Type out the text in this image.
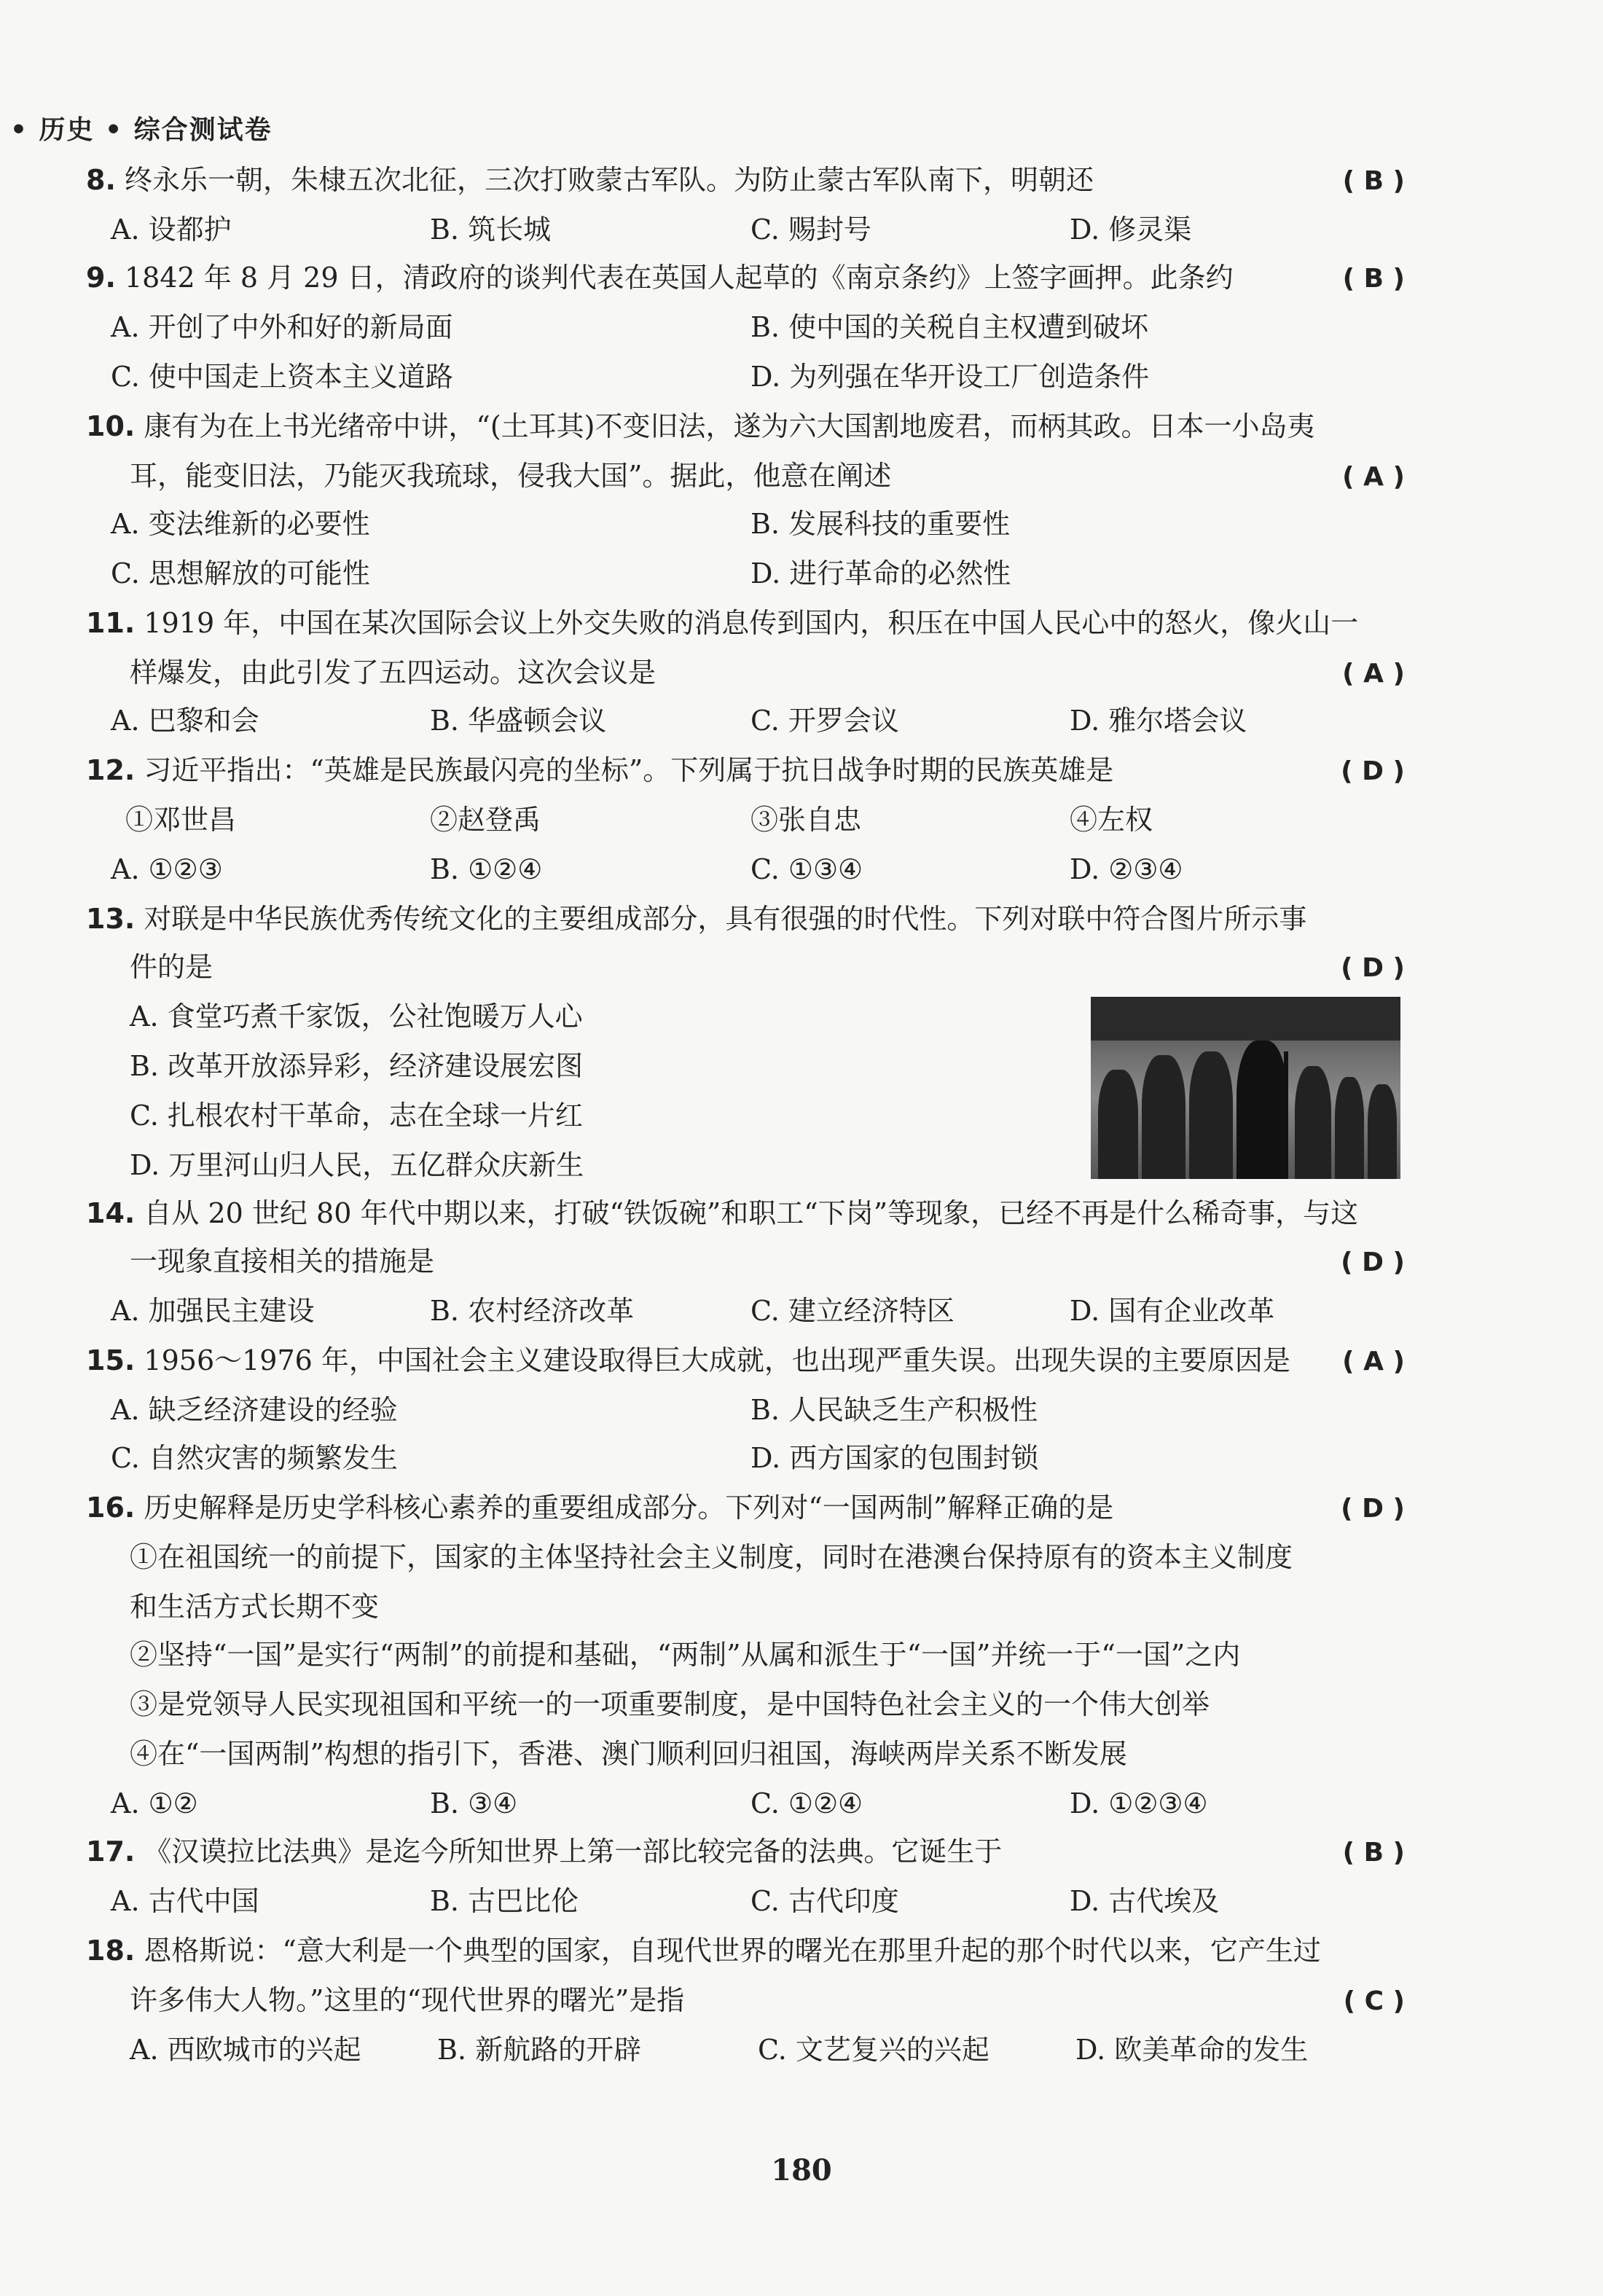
• 历史 • 综合测试卷
8. 终永乐一朝，朱棣五次北征，三次打败蒙古军队。为防止蒙古军队南下，明朝还	( B )
A. 设都护	B. 筑长城	C. 赐封号	D. 修灵渠
9. 1842 年 8 月 29 日，清政府的谈判代表在英国人起草的《南京条约》上签字画押。此条约	( B )
A. 开创了中外和好的新局面	B. 使中国的关税自主权遭到破坏
C. 使中国走上资本主义道路	D. 为列强在华开设工厂创造条件
10. 康有为在上书光绪帝中讲，“(土耳其)不变旧法，遂为六大国割地废君，而柄其政。日本一小岛夷
耳，能变旧法，乃能灭我琉球，侵我大国”。据此，他意在阐述	( A )
A. 变法维新的必要性	B. 发展科技的重要性
C. 思想解放的可能性	D. 进行革命的必然性
11. 1919 年，中国在某次国际会议上外交失败的消息传到国内，积压在中国人民心中的怒火，像火山一
样爆发，由此引发了五四运动。这次会议是	( A )
A. 巴黎和会	B. 华盛顿会议	C. 开罗会议	D. 雅尔塔会议
12. 习近平指出：“英雄是民族最闪亮的坐标”。下列属于抗日战争时期的民族英雄是	( D )
①邓世昌	②赵登禹	③张自忠	④左权
A. ①②③	B. ①②④	C. ①③④	D. ②③④
13. 对联是中华民族优秀传统文化的主要组成部分，具有很强的时代性。下列对联中符合图片所示事
件的是	( D )
A. 食堂巧煮千家饭，公社饱暖万人心
B. 改革开放添异彩，经济建设展宏图
C. 扎根农村干革命，志在全球一片红
D. 万里河山归人民，五亿群众庆新生
14. 自从 20 世纪 80 年代中期以来，打破“铁饭碗”和职工“下岗”等现象，已经不再是什么稀奇事，与这
一现象直接相关的措施是	( D )
A. 加强民主建设	B. 农村经济改革	C. 建立经济特区	D. 国有企业改革
15. 1956～1976 年，中国社会主义建设取得巨大成就，也出现严重失误。出现失误的主要原因是 ( A )
A. 缺乏经济建设的经验	B. 人民缺乏生产积极性
C. 自然灾害的频繁发生	D. 西方国家的包围封锁
16. 历史解释是历史学科核心素养的重要组成部分。下列对“一国两制”解释正确的是	( D )
①在祖国统一的前提下，国家的主体坚持社会主义制度，同时在港澳台保持原有的资本主义制度
和生活方式长期不变
②坚持“一国”是实行“两制”的前提和基础，“两制”从属和派生于“一国”并统一于“一国”之内
③是党领导人民实现祖国和平统一的一项重要制度，是中国特色社会主义的一个伟大创举
④在“一国两制”构想的指引下，香港、澳门顺利回归祖国，海峡两岸关系不断发展
A. ①②	B. ③④	C. ①②④	D. ①②③④
17. 《汉谟拉比法典》是迄今所知世界上第一部比较完备的法典。它诞生于	( B )
A. 古代中国	B. 古巴比伦	C. 古代印度	D. 古代埃及
18. 恩格斯说：“意大利是一个典型的国家，自现代世界的曙光在那里升起的那个时代以来，它产生过
许多伟大人物。”这里的“现代世界的曙光”是指	( C )
A. 西欧城市的兴起	B. 新航路的开辟	C. 文艺复兴的兴起	D. 欧美革命的发生
180
